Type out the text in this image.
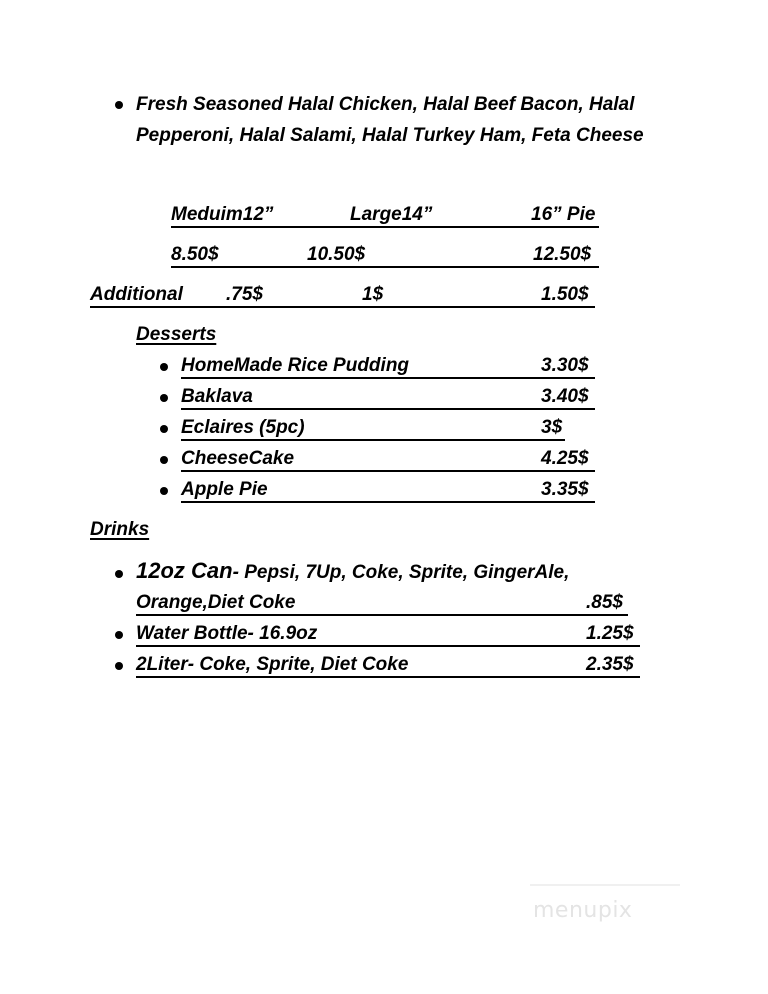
Fresh Seasoned Halal Chicken, Halal Beef Bacon, Halal
Pepperoni, Halal Salami, Halal Turkey Ham, Feta Cheese
Meduim12”	Large14”	16” Pie
8.50$	10.50$	12.50$
Additional .75$	1$	1.50$
Desserts
HomeMade Rice Pudding	3.30$
Baklava	3.40$
Eclaires (5pc)	3$
CheeseCake	4.25$
Apple Pie	3.35$
Drinks
12oz Can- Pepsi, 7Up, Coke, Sprite, GingerAle,
Orange,Diet Coke	.85$
Water Bottle- 16.9oz	1.25$
2Liter- Coke, Sprite, Diet Coke	2.35$
menupix
